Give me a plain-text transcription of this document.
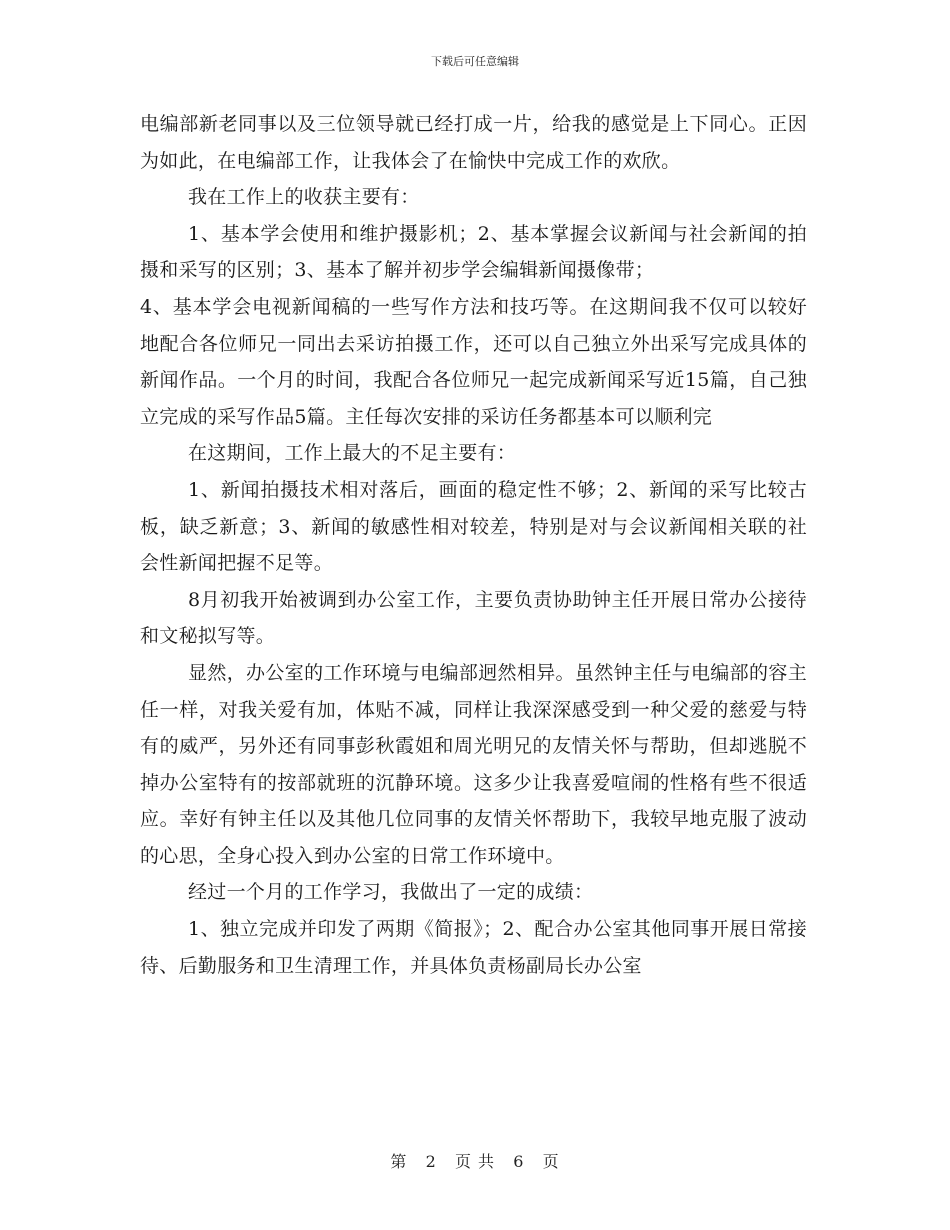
下载后可任意编辑

电编部新老同事以及三位领导就已经打成一片，给我的感觉是上下同心。正因为如此，在电编部工作，让我体会了在愉快中完成工作的欢欣。

我在工作上的收获主要有：

1、基本学会使用和维护摄影机；2、基本掌握会议新闻与社会新闻的拍摄和采写的区别；3、基本了解并初步学会编辑新闻摄像带；

4、基本学会电视新闻稿的一些写作方法和技巧等。在这期间我不仅可以较好地配合各位师兄一同出去采访拍摄工作，还可以自己独立外出采写完成具体的新闻作品。一个月的时间，我配合各位师兄一起完成新闻采写近15篇，自己独立完成的采写作品5篇。主任每次安排的采访任务都基本可以顺利完

在这期间，工作上最大的不足主要有：

1、新闻拍摄技术相对落后，画面的稳定性不够；2、新闻的采写比较古板，缺乏新意；3、新闻的敏感性相对较差，特别是对与会议新闻相关联的社会性新闻把握不足等。

8月初我开始被调到办公室工作，主要负责协助钟主任开展日常办公接待和文秘拟写等。

显然，办公室的工作环境与电编部迥然相异。虽然钟主任与电编部的容主任一样，对我关爱有加，体贴不减，同样让我深深感受到一种父爱的慈爱与特有的威严，另外还有同事彭秋霞姐和周光明兄的友情关怀与帮助，但却逃脱不掉办公室特有的按部就班的沉静环境。这多少让我喜爱喧闹的性格有些不很适应。幸好有钟主任以及其他几位同事的友情关怀帮助下，我较早地克服了波动的心思，全身心投入到办公室的日常工作环境中。

经过一个月的工作学习，我做出了一定的成绩：

1、独立完成并印发了两期《简报》；2、配合办公室其他同事开展日常接待、后勤服务和卫生清理工作，并具体负责杨副局长办公室

第 2 页 共 6 页
